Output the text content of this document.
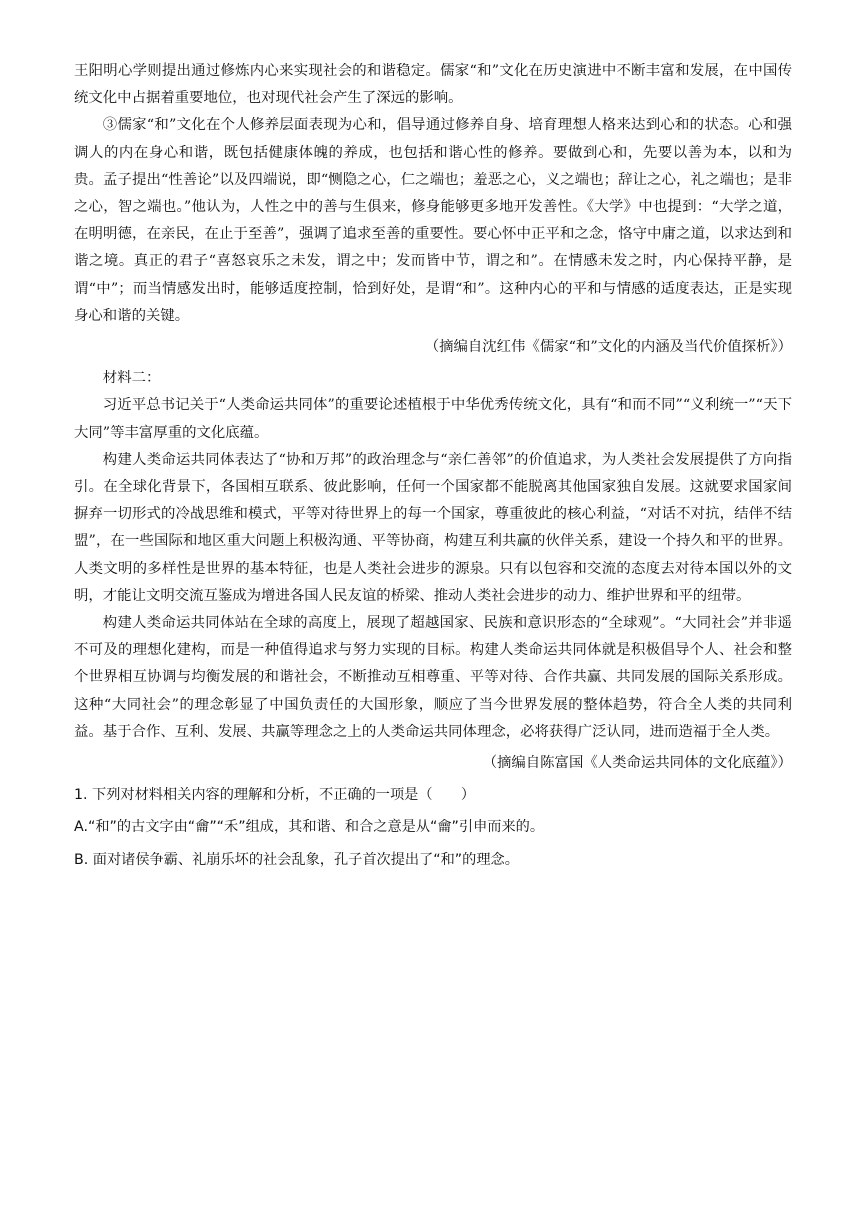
王阳明心学则提出通过修炼内心来实现社会的和谐稳定。儒家“和”文化在历史演进中不断丰富和发展，在中国传统文化中占据着重要地位，也对现代社会产生了深远的影响。

③儒家“和”文化在个人修养层面表现为心和，倡导通过修养自身、培育理想人格来达到心和的状态。心和强调人的内在身心和谐，既包括健康体魄的养成，也包括和谐心性的修养。要做到心和，先要以善为本，以和为贵。孟子提出“性善论”以及四端说，即“恻隐之心，仁之端也；羞恶之心，义之端也；辞让之心，礼之端也；是非之心，智之端也。”他认为，人性之中的善与生俱来，修身能够更多地开发善性。《大学》中也提到：“大学之道，在明明德，在亲民，在止于至善”，强调了追求至善的重要性。要心怀中正平和之念，恪守中庸之道，以求达到和谐之境。真正的君子“喜怒哀乐之未发，谓之中；发而皆中节，谓之和”。在情感未发之时，内心保持平静，是谓“中”；而当情感发出时，能够适度控制，恰到好处，是谓“和”。这种内心的平和与情感的适度表达，正是实现身心和谐的关键。

（摘编自沈红伟《儒家“和”文化的内涵及当代价值探析》）

材料二：

习近平总书记关于“人类命运共同体”的重要论述植根于中华优秀传统文化，具有“和而不同”“义利统一”“天下大同”等丰富厚重的文化底蕴。

构建人类命运共同体表达了“协和万邦”的政治理念与“亲仁善邻”的价值追求，为人类社会发展提供了方向指引。在全球化背景下，各国相互联系、彼此影响，任何一个国家都不能脱离其他国家独自发展。这就要求国家间摒弃一切形式的冷战思维和模式，平等对待世界上的每一个国家，尊重彼此的核心利益，“对话不对抗，结伴不结盟”，在一些国际和地区重大问题上积极沟通、平等协商，构建互利共赢的伙伴关系，建设一个持久和平的世界。人类文明的多样性是世界的基本特征，也是人类社会进步的源泉。只有以包容和交流的态度去对待本国以外的文明，才能让文明交流互鉴成为增进各国人民友谊的桥梁、推动人类社会进步的动力、维护世界和平的纽带。

构建人类命运共同体站在全球的高度上，展现了超越国家、民族和意识形态的“全球观”。“大同社会”并非遥不可及的理想化建构，而是一种值得追求与努力实现的目标。构建人类命运共同体就是积极倡导个人、社会和整个世界相互协调与均衡发展的和谐社会，不断推动互相尊重、平等对待、合作共赢、共同发展的国际关系形成。这种“大同社会”的理念彰显了中国负责任的大国形象，顺应了当今世界发展的整体趋势，符合全人类的共同利益。基于合作、互利、发展、共赢等理念之上的人类命运共同体理念，必将获得广泛认同，进而造福于全人类。

（摘编自陈富国《人类命运共同体的文化底蕴》）

1. 下列对材料相关内容的理解和分析，不正确的一项是（　　）

A.“和”的古文字由“龠”“禾”组成，其和谐、和合之意是从“龠”引申而来的。

B. 面对诸侯争霸、礼崩乐坏的社会乱象，孔子首次提出了“和”的理念。
